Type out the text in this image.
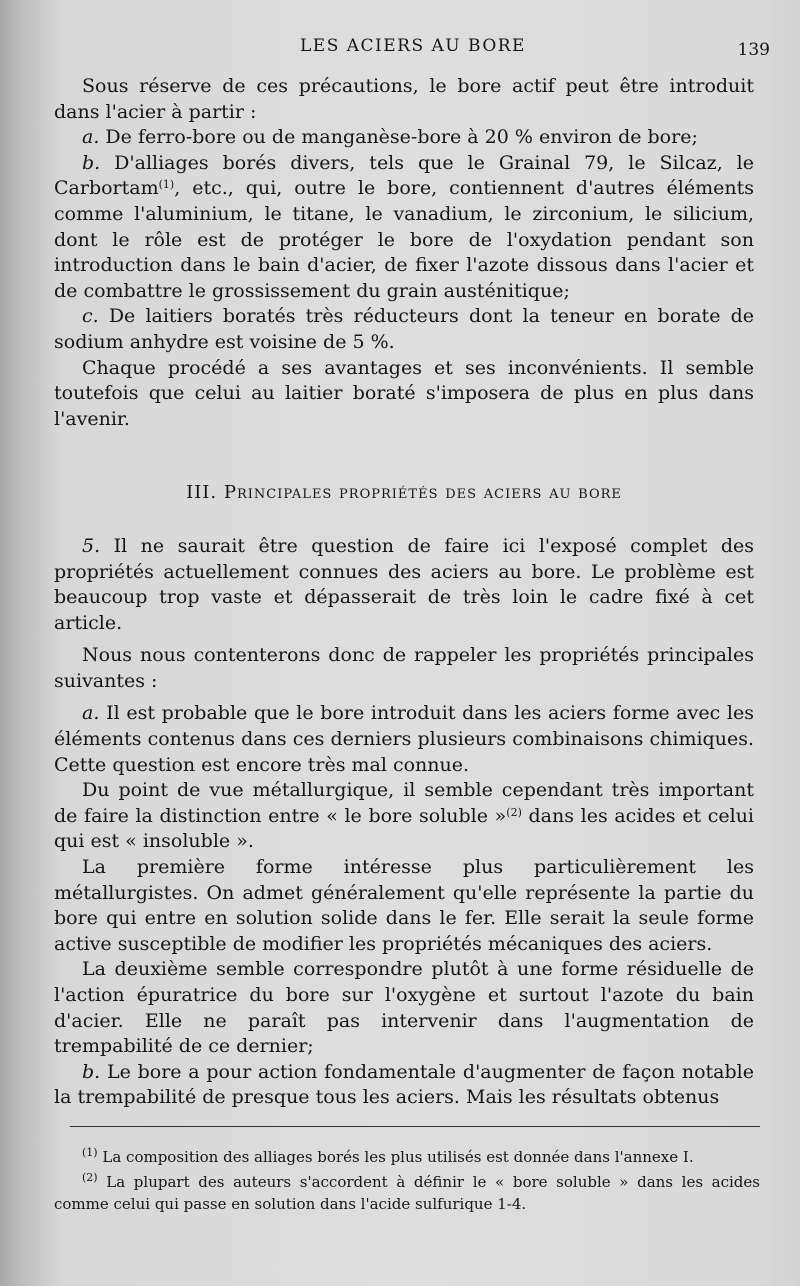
LES ACIERS AU BORE	139

Sous réserve de ces précautions, le bore actif peut être introduit dans l'acier à partir :

a. De ferro-bore ou de manganèse-bore à 20 % environ de bore;

b. D'alliages borés divers, tels que le Grainal 79, le Silcaz, le Carbortam$^{(1)}$, etc., qui, outre le bore, contiennent d'autres éléments comme l'aluminium, le titane, le vanadium, le zirconium, le silicium, dont le rôle est de protéger le bore de l'oxydation pendant son introduction dans le bain d'acier, de fixer l'azote dissous dans l'acier et de combattre le grossissement du grain austénitique;

c. De laitiers boratés très réducteurs dont la teneur en borate de sodium anhydre est voisine de 5 %.

Chaque procédé a ses avantages et ses inconvénients. Il semble toutefois que celui au laitier boraté s'imposera de plus en plus dans l'avenir.

III. Principales propriétés des aciers au bore

5. Il ne saurait être question de faire ici l'exposé complet des propriétés actuellement connues des aciers au bore. Le problème est beaucoup trop vaste et dépasserait de très loin le cadre fixé à cet article.

Nous nous contenterons donc de rappeler les propriétés principales suivantes :

a. Il est probable que le bore introduit dans les aciers forme avec les éléments contenus dans ces derniers plusieurs combinaisons chimiques. Cette question est encore très mal connue.

Du point de vue métallurgique, il semble cependant très important de faire la distinction entre « le bore soluble »$^{(2)}$ dans les acides et celui qui est « insoluble ».

La première forme intéresse plus particulièrement les métallurgistes. On admet généralement qu'elle représente la partie du bore qui entre en solution solide dans le fer. Elle serait la seule forme active susceptible de modifier les propriétés mécaniques des aciers.

La deuxième semble correspondre plutôt à une forme résiduelle de l'action épuratrice du bore sur l'oxygène et surtout l'azote du bain d'acier. Elle ne paraît pas intervenir dans l'augmentation de trempabilité de ce dernier;

b. Le bore a pour action fondamentale d'augmenter de façon notable la trempabilité de presque tous les aciers. Mais les résultats obtenus

$^{(1)}$ La composition des alliages borés les plus utilisés est donnée dans l'annexe I.

$^{(2)}$ La plupart des auteurs s'accordent à définir le « bore soluble » dans les acides comme celui qui passe en solution dans l'acide sulfurique 1-4.
